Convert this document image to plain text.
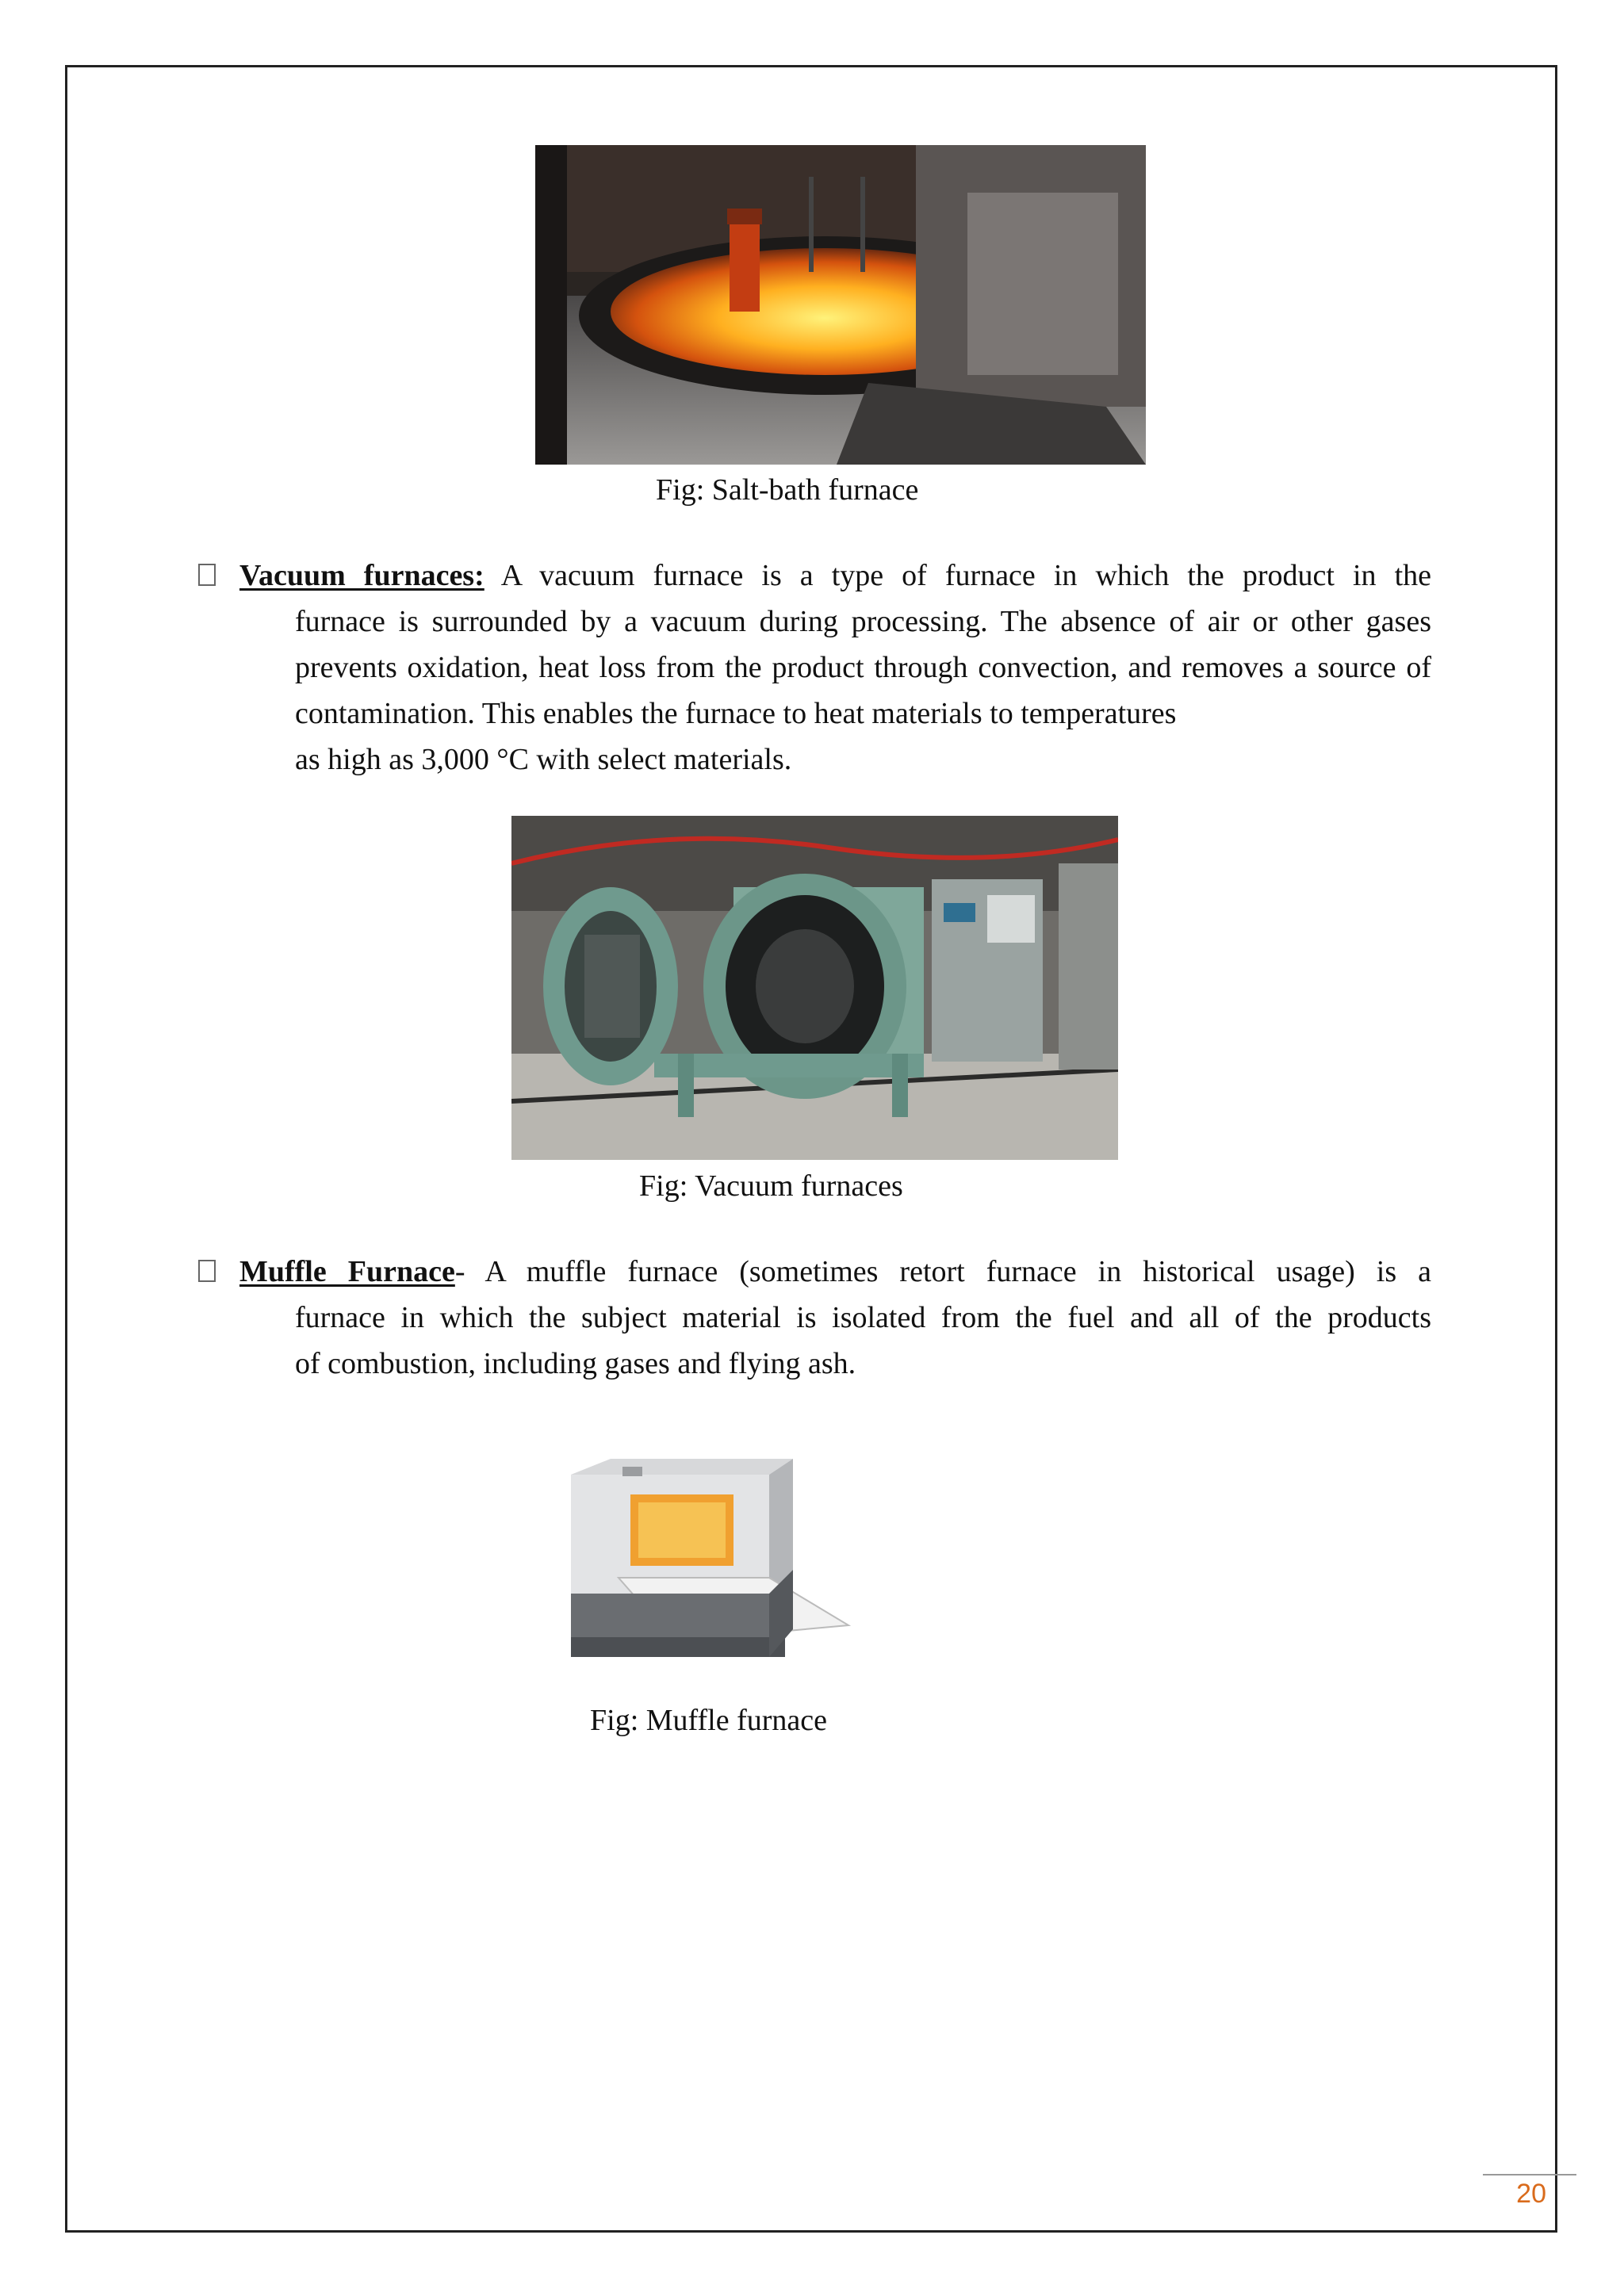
Fig: Salt-bath furnace
Vacuum furnaces: A vacuum furnace is a type of furnace in which the product in the
furnace is surrounded by a vacuum during processing. The absence of air or other gases prevents oxidation, heat loss from the product through convection, and removes a source of contamination. This enables the furnace to heat materials to temperatures
as high as 3,000 °C with select materials.
Fig: Vacuum furnaces
Muffle Furnace- A muffle furnace (sometimes retort furnace in historical usage) is a
furnace in which the subject material is isolated from the fuel and all of the products
of combustion, including gases and flying ash.
Fig: Muffle furnace
20
